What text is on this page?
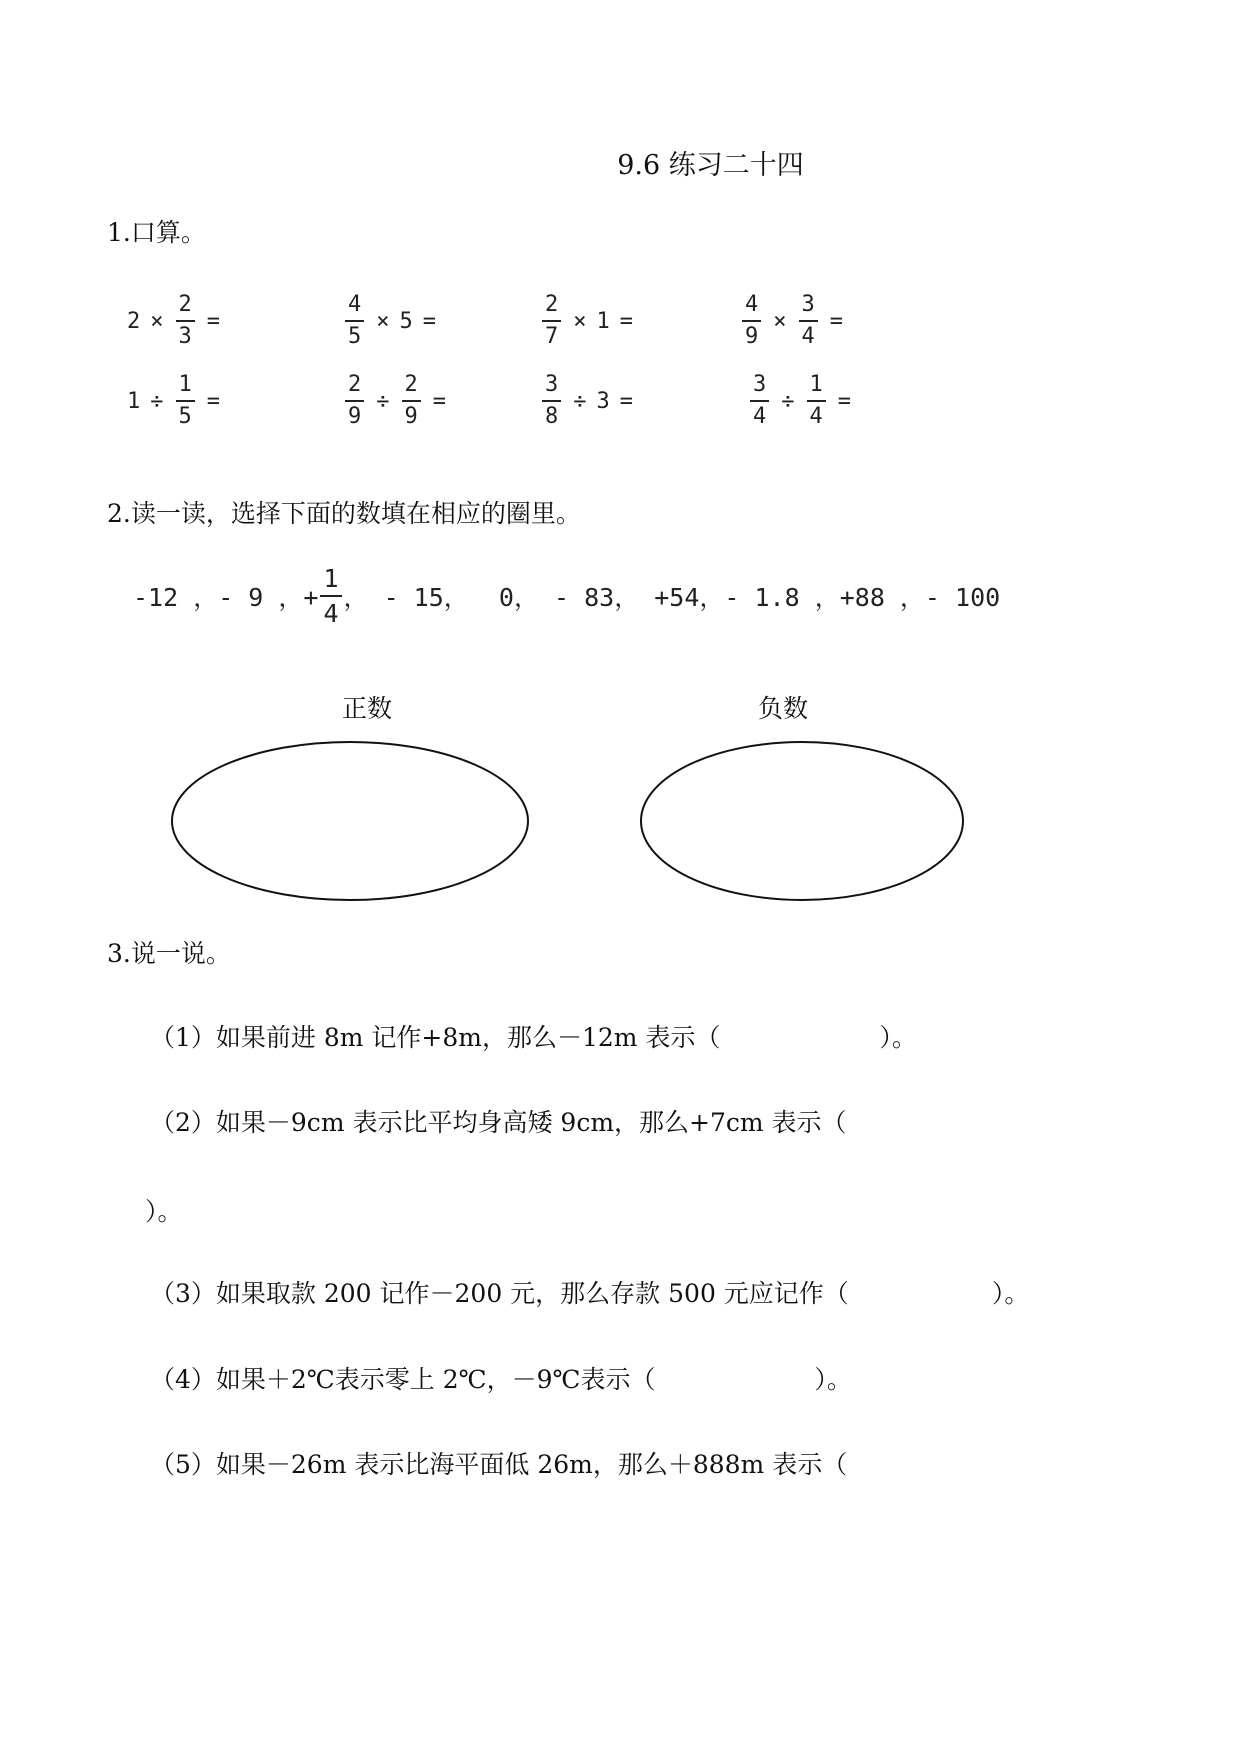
9.6 练习二十四
1.口算。
$2 \times \frac{2}{3}$ =	$\frac{4}{5} \times 5$ =	$\frac{2}{7} \times 1$ =	$\frac{4}{9} \times \frac{3}{4}$ =
$1 \div \frac{1}{5}$ =	$\frac{2}{9} \div \frac{2}{9}$ =	$\frac{3}{8} \div 3$ =	$\frac{3}{4} \div \frac{1}{4}$ =
2.读一读，选择下面的数填在相应的圈里。
-12 ，- 9 ，+ $\frac{1}{4}$ ， - 15，  0， - 83， +54，- 1.8 ，+88 ，- 100
正数	负数
3.说一说。
（1）如果前进 8m 记作+8m，那么－12m 表示（                    ）。
（2）如果－9cm 表示比平均身高矮 9cm，那么+7cm 表示（
）。
（3）如果取款 200 记作－200 元，那么存款 500 元应记作（                  ）。
（4）如果＋2℃表示零上 2℃，－9℃表示（                    ）。
（5）如果－26m 表示比海平面低 26m，那么＋888m 表示（
